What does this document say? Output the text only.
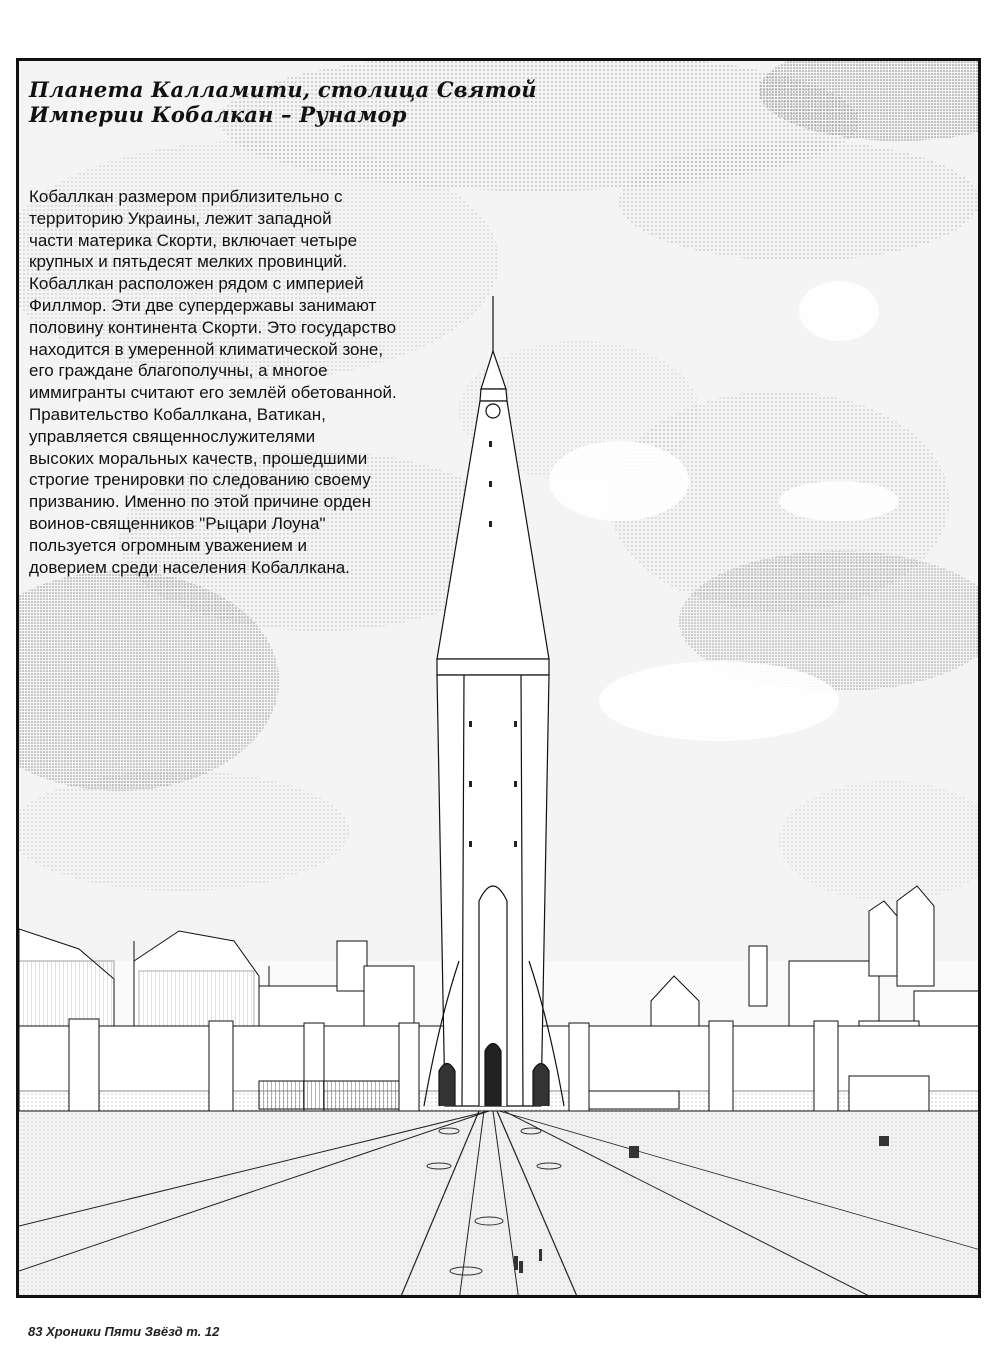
Планета Калламити, столица Святой Империи Кобалкан – Рунамор
Кобаллкан размером приблизительно с
территорию Украины, лежит западной
части материка Скорти, включает четыре
крупных и пятьдесят мелких провинций.
Кобаллкан расположен рядом с империей
Филлмор. Эти две супердержавы занимают
половину континента Скорти. Это государство
находится в умеренной климатической зоне,
его граждане благополучны, а многое
иммигранты считают его землёй обетованной.
Правительство Кобаллкана, Ватикан,
управляется священнослужителями
высоких моральных качеств, прошедшими
строгие тренировки по следованию своему
призванию. Именно по этой причине орден
воинов-священников "Рыцари Лоуна"
пользуется огромным уважением и
доверием среди населения Кобаллкана.
83 Хроники Пяти Звёзд т. 12
